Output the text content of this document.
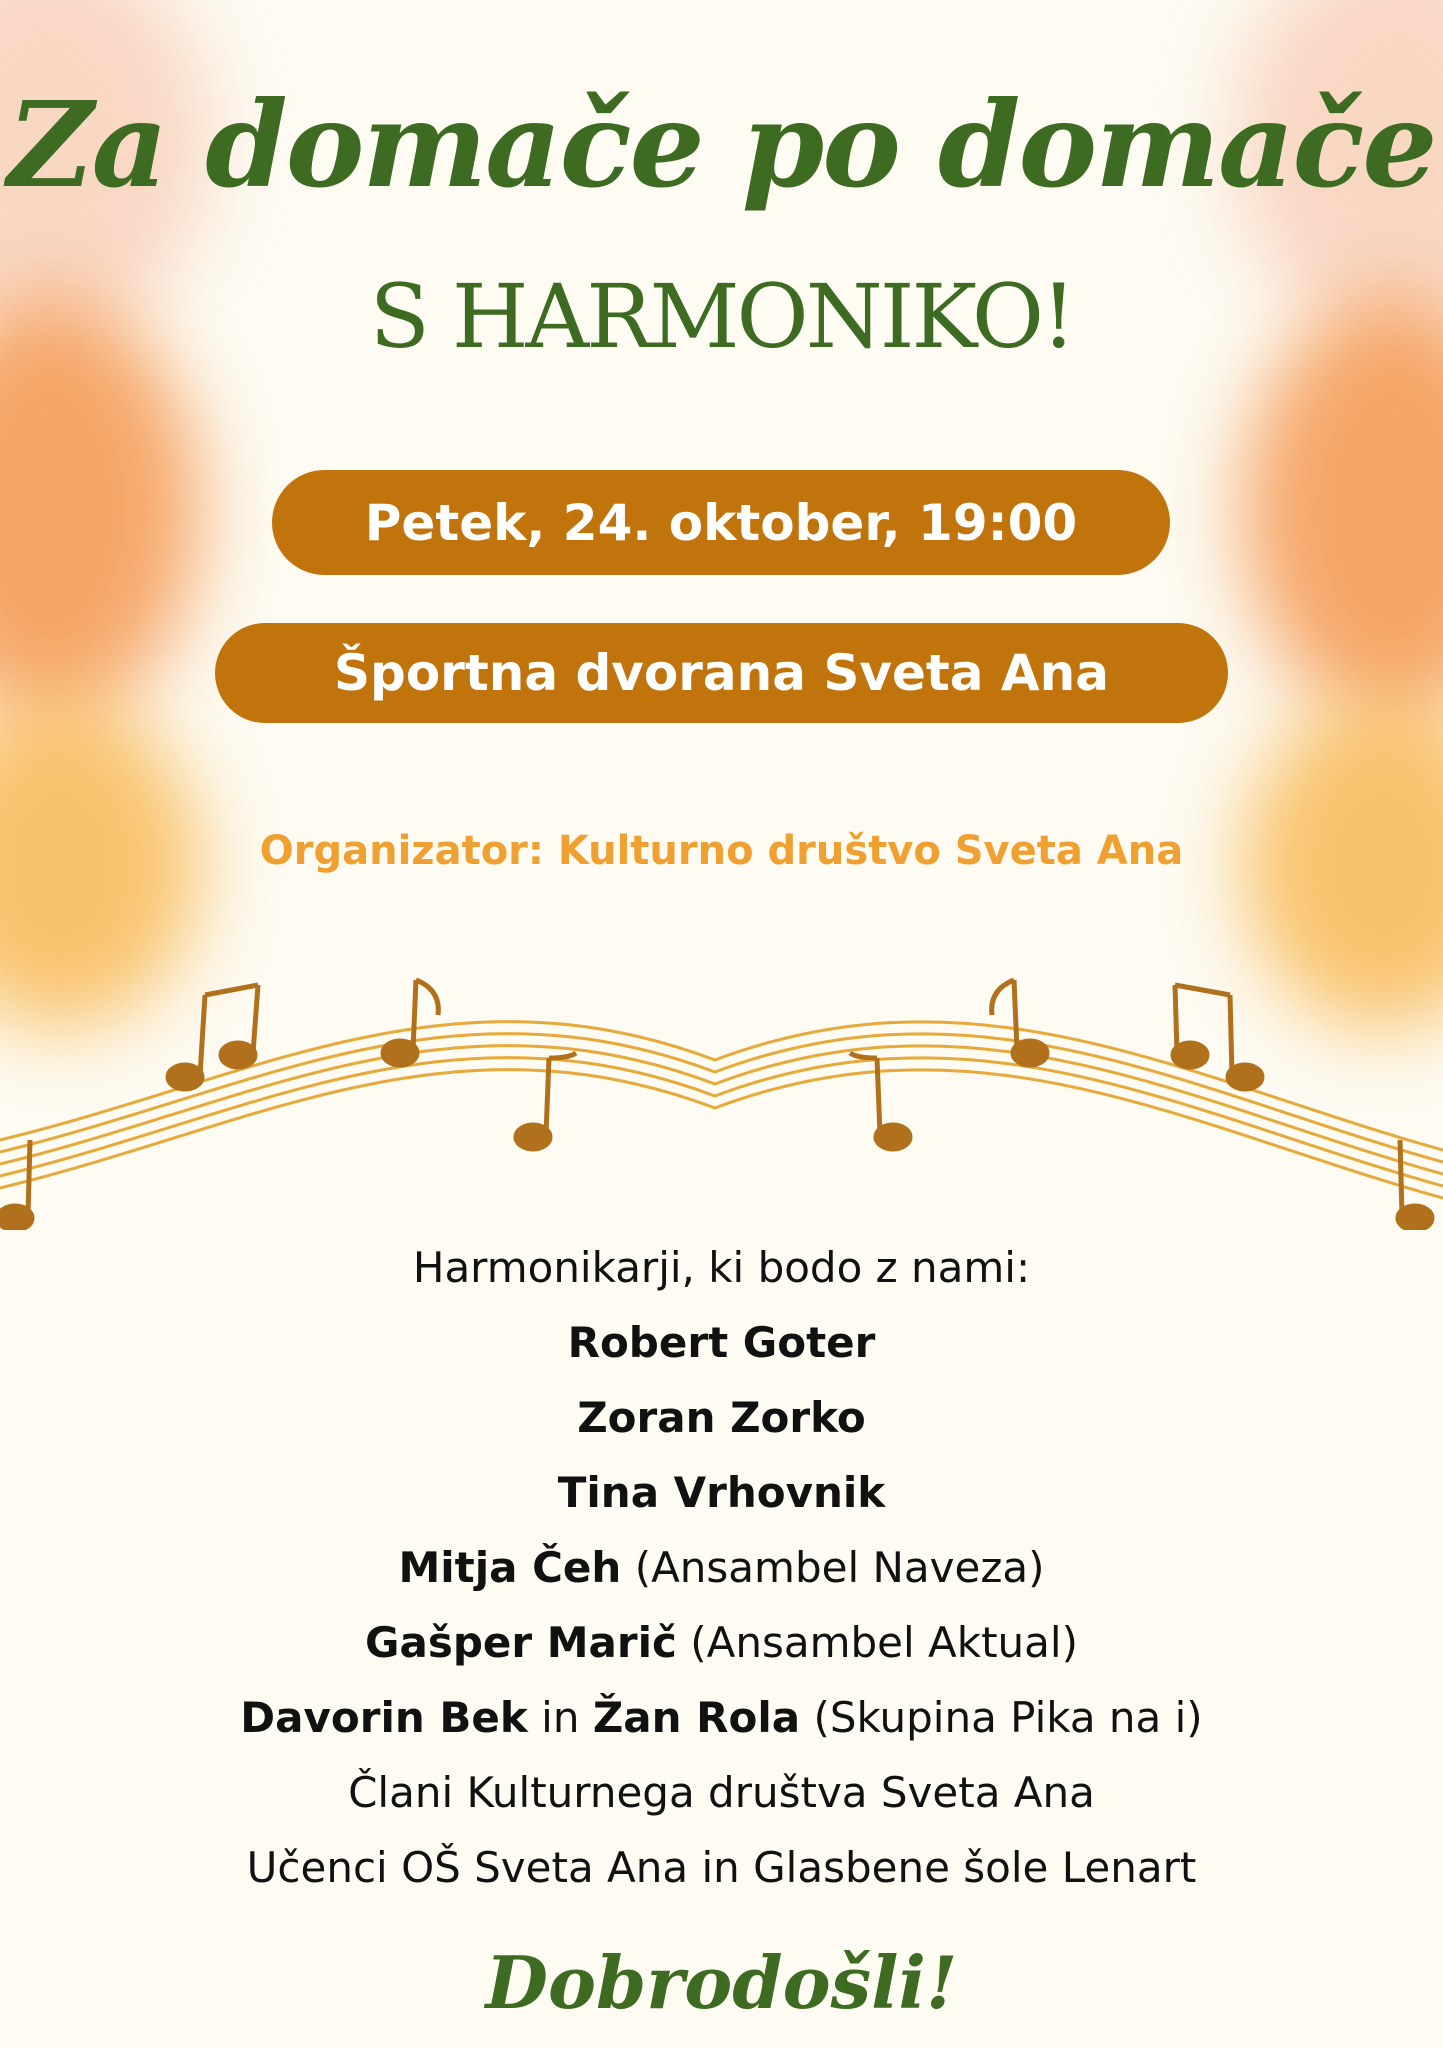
Za domače po domače
S HARMONIKO!
Petek, 24. oktober, 19:00
Športna dvorana Sveta Ana
Organizator: Kulturno društvo Sveta Ana
Harmonikarji, ki bodo z nami:
Robert Goter
Zoran Zorko
Tina Vrhovnik
Mitja Čeh (Ansambel Naveza)
Gašper Marič (Ansambel Aktual)
Davorin Bek in Žan Rola (Skupina Pika na i)
Člani Kulturnega društva Sveta Ana
Učenci OŠ Sveta Ana in Glasbene šole Lenart
Dobrodošli!
